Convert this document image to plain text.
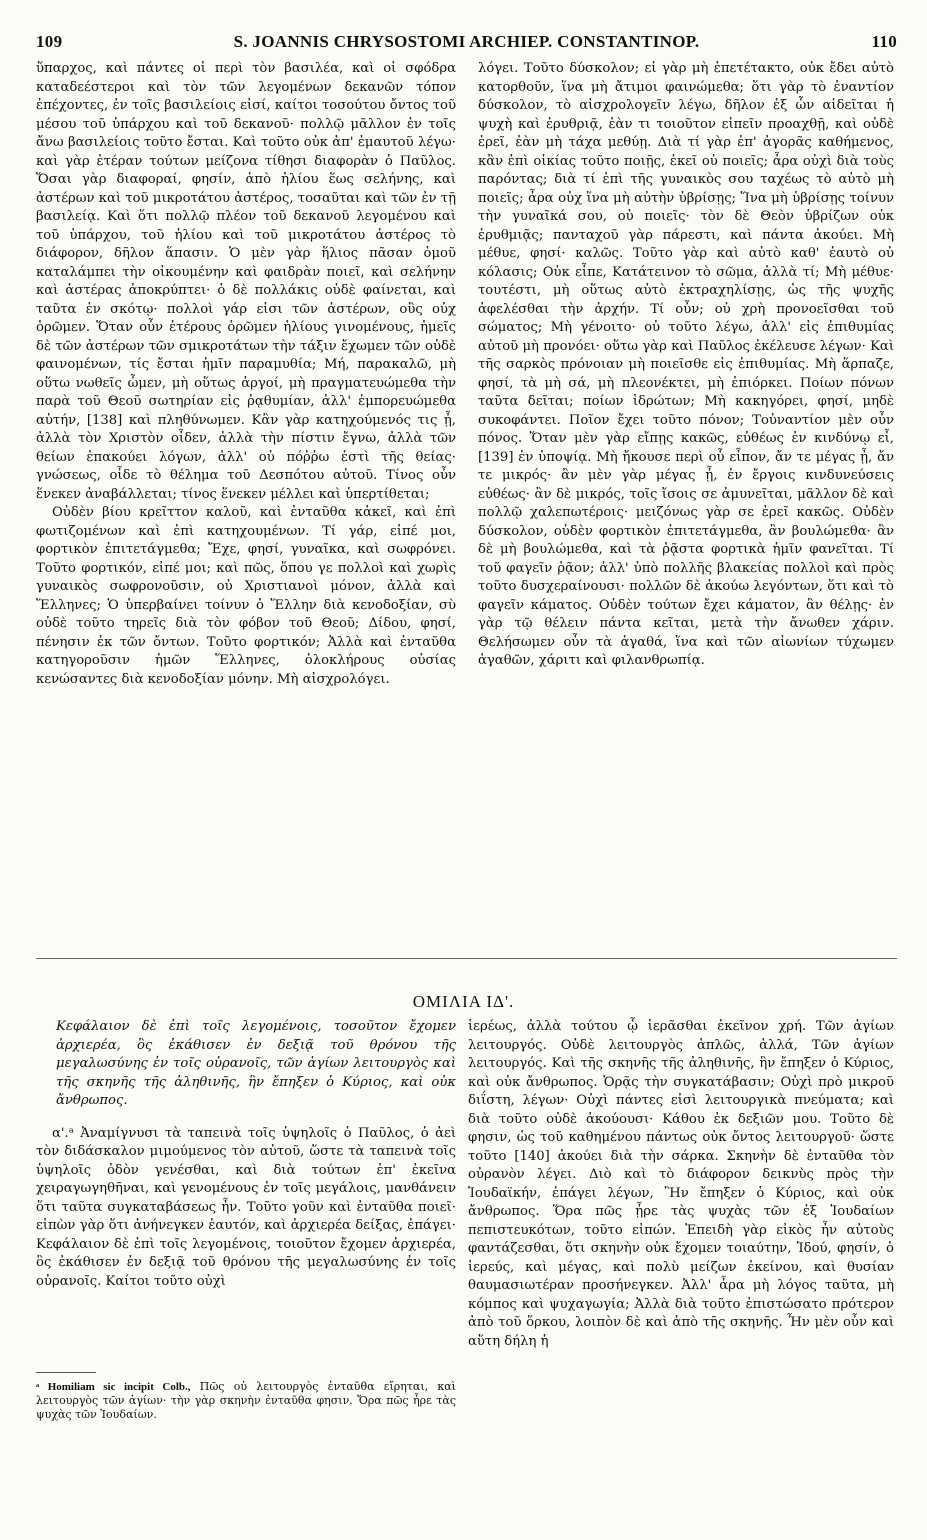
109	S. JOANNIS CHRYSOSTOMI ARCHIEP. CONSTANTINOP.	110

ὕπαρχος, καὶ πάντες οἱ περὶ τὸν βασιλέα, καὶ οἱ σφόδρα καταδεέστεροι καὶ τὸν τῶν λεγομένων δεκανῶν τόπον ἐπέχοντες, ἐν τοῖς βασιλείοις εἰσί, καίτοι τοσούτου ὄντος τοῦ μέσου τοῦ ὑπάρχου καὶ τοῦ δεκανοῦ· πολλῷ μᾶλλον ἐν τοῖς ἄνω βασιλείοις τοῦτο ἔσται. Καὶ τοῦτο οὐκ ἀπ' ἐμαυτοῦ λέγω· καὶ γὰρ ἑτέραν τούτων μείζονα τίθησι διαφορὰν ὁ Παῦλος. Ὅσαι γὰρ διαφοραί, φησίν, ἀπὸ ἡλίου ἕως σελήνης, καὶ ἀστέρων καὶ τοῦ μικροτάτου ἀστέρος, τοσαῦται καὶ τῶν ἐν τῇ βασιλείᾳ. Καὶ ὅτι πολλῷ πλέον τοῦ δεκανοῦ λεγομένου καὶ τοῦ ὑπάρχου, τοῦ ἡλίου καὶ τοῦ μικροτάτου ἀστέρος τὸ διάφορον, δῆλον ἅπασιν. Ὁ μὲν γὰρ ἥλιος πᾶσαν ὁμοῦ καταλάμπει τὴν οἰκουμένην καὶ φαιδρὰν ποιεῖ, καὶ σελήνην καὶ ἀστέρας ἀποκρύπτει· ὁ δὲ πολλάκις οὐδὲ φαίνεται, καὶ ταῦτα ἐν σκότῳ· πολλοὶ γάρ εἰσι τῶν ἀστέρων, οὓς οὐχ ὁρῶμεν. Ὅταν οὖν ἑτέρους ὁρῶμεν ἡλίους γινομένους, ἡμεῖς δὲ τῶν ἀστέρων τῶν σμικροτάτων τὴν τάξιν ἔχωμεν τῶν οὐδὲ φαινομένων, τίς ἔσται ἡμῖν παραμυθία; Μή, παρακαλῶ, μὴ οὕτω νωθεῖς ὦμεν, μὴ οὕτως ἀργοί, μὴ πραγματευώμεθα τὴν παρὰ τοῦ Θεοῦ σωτηρίαν εἰς ῥᾳθυμίαν, ἀλλ' ἐμπορευώμεθα αὐτήν, [138] καὶ πληθύνωμεν. Κἂν γὰρ κατηχούμενός τις ᾖ, ἀλλὰ τὸν Χριστὸν οἶδεν, ἀλλὰ τὴν πίστιν ἔγνω, ἀλλὰ τῶν θείων ἐπακούει λόγων, ἀλλ' οὐ πόῤῥω ἐστὶ τῆς θείας· γνώσεως, οἶδε τὸ θέλημα τοῦ Δεσπότου αὐτοῦ. Τίνος οὖν ἕνεκεν ἀναβάλλεται; τίνος ἕνεκεν μέλλει καὶ ὑπερτίθεται;

Οὐδὲν βίου κρεῖττον καλοῦ, καὶ ἐνταῦθα κἀκεῖ, καὶ ἐπὶ φωτιζομένων καὶ ἐπὶ κατηχουμένων. Τί γάρ, εἰπέ μοι, φορτικὸν ἐπιτετάγμεθα; Ἔχε, φησί, γυναῖκα, καὶ σωφρόνει. Τοῦτο φορτικόν, εἰπέ μοι; καὶ πῶς, ὅπου γε πολλοὶ καὶ χωρὶς γυναικὸς σωφρονοῦσιν, οὐ Χριστιανοὶ μόνον, ἀλλὰ καὶ Ἕλληνες; Ὁ ὑπερβαίνει τοίνυν ὁ Ἕλλην διὰ κενοδοξίαν, σὺ οὐδὲ τοῦτο τηρεῖς διὰ τὸν φόβον τοῦ Θεοῦ; Δίδου, φησί, πένησιν ἐκ τῶν ὄντων. Τοῦτο φορτικόν; Ἀλλὰ καὶ ἐνταῦθα κατηγοροῦσιν ἡμῶν Ἕλληνες, ὁλοκλήρους οὐσίας κενώσαντες διὰ κενοδοξίαν μόνην. Μὴ αἰσχρολόγει.

λόγει. Τοῦτο δύσκολον; εἰ γὰρ μὴ ἐπετέτακτο, οὐκ ἔδει αὐτὸ κατορθοῦν, ἵνα μὴ ἄτιμοι φαινώμεθα; ὅτι γὰρ τὸ ἐναντίον δύσκολον, τὸ αἰσχρολογεῖν λέγω, δῆλον ἐξ ὧν αἰδεῖται ἡ ψυχὴ καὶ ἐρυθριᾷ, ἐὰν τι τοιοῦτον εἰπεῖν προαχθῇ, καὶ οὐδὲ ἐρεῖ, ἐὰν μὴ τάχα μεθύῃ. Διὰ τί γὰρ ἐπ' ἀγορᾶς καθήμενος, κἂν ἐπὶ οἰκίας τοῦτο ποιῇς, ἐκεῖ οὐ ποιεῖς; ἆρα οὐχὶ διὰ τοὺς παρόντας; διὰ τί ἐπὶ τῆς γυναικὸς σου ταχέως τὸ αὐτὸ μὴ ποιεῖς; ἆρα οὐχ ἵνα μὴ αὐτὴν ὑβρίσῃς; Ἵνα μὴ ὑβρίσῃς τοίνυν τὴν γυναῖκά σου, οὐ ποιεῖς· τὸν δὲ Θεὸν ὑβρίζων οὐκ ἐρυθμιᾷς; πανταχοῦ γὰρ πάρεστι, καὶ πάντα ἀκούει. Μὴ μέθυε, φησί· καλῶς. Τοῦτο γὰρ καὶ αὐτὸ καθ' ἑαυτὸ οὐ κόλασις; Οὐκ εἶπε, Κατάτεινον τὸ σῶμα, ἀλλὰ τί; Μὴ μέθυε· τουτέστι, μὴ οὕτως αὐτὸ ἐκτραχηλίσῃς, ὡς τῆς ψυχῆς ἀφελέσθαι τὴν ἀρχήν. Τί οὖν; οὐ χρὴ προνοεῖσθαι τοῦ σώματος; Μὴ γένοιτο· οὐ τοῦτο λέγω, ἀλλ' εἰς ἐπιθυμίας αὐτοῦ μὴ προνόει· οὕτω γὰρ καὶ Παῦλος ἐκέλευσε λέγων· Καὶ τῆς σαρκὸς πρόνοιαν μὴ ποιεῖσθε εἰς ἐπιθυμίας. Μὴ ἅρπαζε, φησί, τὰ μὴ σά, μὴ πλεονέκτει, μὴ ἐπιόρκει. Ποίων πόνων ταῦτα δεῖται; ποίων ἱδρώτων; Μὴ κακηγόρει, φησί, μηδὲ συκοφάντει. Ποῖον ἔχει τοῦτο πόνον; Τοὐναντίον μὲν οὖν πόνος. Ὅταν μὲν γὰρ εἴπῃς κακῶς, εὐθέως ἐν κινδύνῳ εἶ, [139] ἐν ὑποψίᾳ. Μὴ ἤκουσε περὶ οὗ εἶπον, ἄν τε μέγας ᾖ, ἄν τε μικρός· ἂν μὲν γὰρ μέγας ᾖ, ἐν ἔργοις κινδυνεύσεις εὐθέως· ἂν δὲ μικρός, τοῖς ἴσοις σε ἀμυνεῖται, μᾶλλον δὲ καὶ πολλῷ χαλεπωτέροις· μειζόνως γὰρ σε ἐρεῖ κακῶς. Οὐδὲν δύσκολον, οὐδὲν φορτικὸν ἐπιτετάγμεθα, ἂν βουλώμεθα· ἂν δὲ μὴ βουλώμεθα, καὶ τὰ ῥᾷστα φορτικὰ ἡμῖν φανεῖται. Τί τοῦ φαγεῖν ῥᾷον; ἀλλ' ὑπὸ πολλῆς βλακείας πολλοὶ καὶ πρὸς τοῦτο δυσχεραίνουσι· πολλῶν δὲ ἀκούω λεγόντων, ὅτι καὶ τὸ φαγεῖν κάματος. Οὐδὲν τούτων ἔχει κάματον, ἂν θέλῃς· ἐν γὰρ τῷ θέλειν πάντα κεῖται, μετὰ τὴν ἄνωθεν χάριν. Θελήσωμεν οὖν τὰ ἀγαθά, ἵνα καὶ τῶν αἰωνίων τύχωμεν ἀγαθῶν, χάριτι καὶ φιλανθρωπίᾳ.

ΟΜΙΛΙΑ ΙΔ'.

Κεφάλαιον δὲ ἐπὶ τοῖς λεγομένοις, τοσοῦτον ἔχομεν ἀρχιερέα, ὃς ἐκάθισεν ἐν δεξιᾷ τοῦ θρόνου τῆς μεγαλωσύνης ἐν τοῖς οὐρανοῖς, τῶν ἁγίων λειτουργὸς καὶ τῆς σκηνῆς τῆς ἀληθινῆς, ἣν ἔπηξεν ὁ Κύριος, καὶ οὐκ ἄνθρωπος.

α'.ᵃ Ἀναμίγνυσι τὰ ταπεινὰ τοῖς ὑψηλοῖς ὁ Παῦλος, ὁ ἀεὶ τὸν διδάσκαλον μιμούμενος τὸν αὐτοῦ, ὥστε τὰ ταπεινὰ τοῖς ὑψηλοῖς ὁδὸν γενέσθαι, καὶ διὰ τούτων ἐπ' ἐκεῖνα χειραγωγηθῆναι, καὶ γενομένους ἐν τοῖς μεγάλοις, μανθάνειν ὅτι ταῦτα συγκαταβάσεως ἦν. Τοῦτο γοῦν καὶ ἐνταῦθα ποιεῖ· εἰπὼν γὰρ ὅτι ἀνήνεγκεν ἑαυτόν, καὶ ἀρχιερέα δείξας, ἐπάγει· Κεφάλαιον δὲ ἐπὶ τοῖς λεγομένοις, τοιοῦτον ἔχομεν ἀρχιερέα, ὃς ἐκάθισεν ἐν δεξιᾷ τοῦ θρόνου τῆς μεγαλωσύνης ἐν τοῖς οὐρανοῖς. Καίτοι τοῦτο οὐχὶ

ἱερέως, ἀλλὰ τούτου ᾧ ἱερᾶσθαι ἐκεῖνον χρή. Τῶν ἁγίων λειτουργός. Οὐδὲ λειτουργὸς ἁπλῶς, ἀλλά, Τῶν ἁγίων λειτουργός. Καὶ τῆς σκηνῆς τῆς ἀληθινῆς, ἣν ἔπηξεν ὁ Κύριος, καὶ οὐκ ἄνθρωπος. Ὁρᾷς τὴν συγκατάβασιν; Οὐχὶ πρὸ μικροῦ διΐστη, λέγων· Οὐχὶ πάντες εἰσὶ λειτουργικὰ πνεύματα; καὶ διὰ τοῦτο οὐδὲ ἀκούουσι· Κάθου ἐκ δεξιῶν μου. Τοῦτο δὲ φησιν, ὡς τοῦ καθημένου πάντως οὐκ ὄντος λειτουργοῦ· ὥστε τοῦτο [140] ἀκούει διὰ τὴν σάρκα. Σκηνὴν δὲ ἐνταῦθα τὸν οὐρανὸν λέγει. Διὸ καὶ τὸ διάφορον δεικνὺς πρὸς τὴν Ἰουδαϊκήν, ἐπάγει λέγων, Ἣν ἔπηξεν ὁ Κύριος, καὶ οὐκ ἄνθρωπος. Ὅρα πῶς ᾖρε τὰς ψυχὰς τῶν ἐξ Ἰουδαίων πεπιστευκότων, τοῦτο εἰπών. Ἐπειδὴ γὰρ εἰκὸς ἦν αὐτοὺς φαντάζεσθαι, ὅτι σκηνὴν οὐκ ἔχομεν τοιαύτην, Ἰδού, φησίν, ὁ ἱερεύς, καὶ μέγας, καὶ πολὺ μείζων ἐκείνου, καὶ θυσίαν θαυμασιωτέραν προσήνεγκεν. Ἀλλ' ἆρα μὴ λόγος ταῦτα, μὴ κόμπος καὶ ψυχαγωγία; Ἀλλὰ διὰ τοῦτο ἐπιστώσατο πρότερον ἀπὸ τοῦ ὅρκου, λοιπὸν δὲ καὶ ἀπὸ τῆς σκηνῆς. Ἦν μὲν οὖν καὶ αὕτη δήλη ἡ

ᵃ Homiliam sic incipit Colb., Πῶς οὐ λειτουργὸς ἐνταῦθα εἴρηται, καὶ λειτουργὸς τῶν ἁγίων· τὴν γὰρ σκηνὴν ἐνταῦθα φησιν. Ὅρα πῶς ἦρε τὰς ψυχὰς τῶν Ἰουδαίων.
